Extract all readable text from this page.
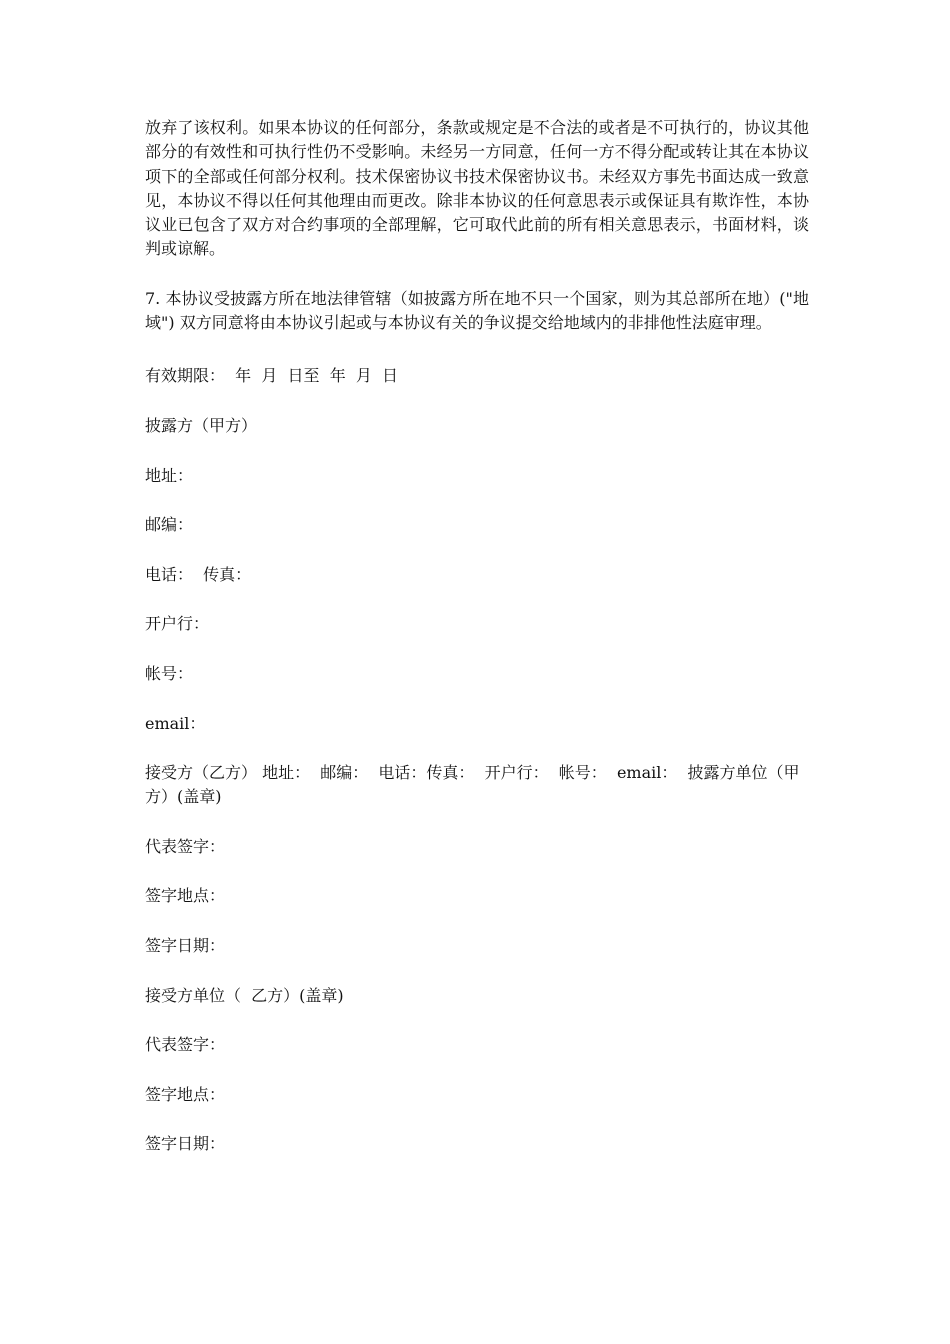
放弃了该权利。如果本协议的任何部分，条款或规定是不合法的或者是不可执行的，协议其他部分的有效性和可执行性仍不受影响。未经另一方同意，任何一方不得分配或转让其在本协议项下的全部或任何部分权利。技术保密协议书技术保密协议书。未经双方事先书面达成一致意见，本协议不得以任何其他理由而更改。除非本协议的任何意思表示或保证具有欺诈性，本协议业已包含了双方对合约事项的全部理解，它可取代此前的所有相关意思表示，书面材料，谈判或谅解。

7. 本协议受披露方所在地法律管辖（如披露方所在地不只一个国家，则为其总部所在地）("地域") 双方同意将由本协议引起或与本协议有关的争议提交给地域内的非排他性法庭审理。

有效期限：  年  月  日至  年  月  日

披露方（甲方）

地址：

邮编：

电话：  传真：

开户行：

帐号：

email：

接受方（乙方） 地址：  邮编：  电话：传真：  开户行：  帐号：  email：  披露方单位（甲方）(盖章)

代表签字：

签字地点：

签字日期：

接受方单位（  乙方）(盖章)

代表签字：

签字地点：

签字日期：
